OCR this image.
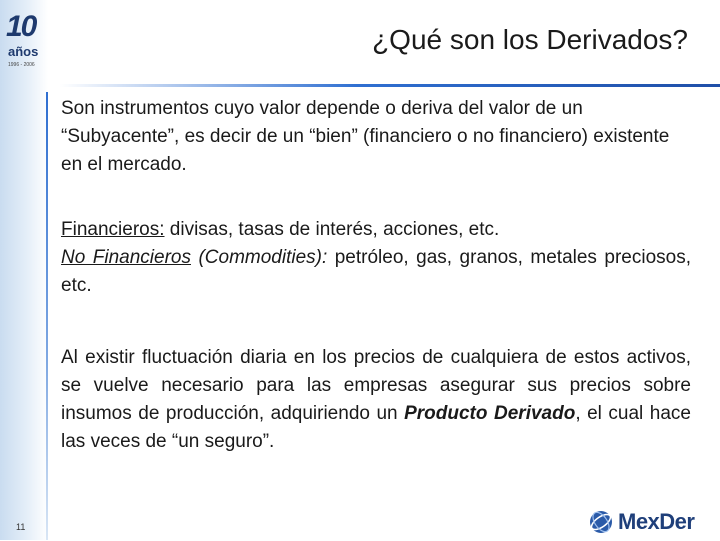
10
años
1996 - 2006
¿Qué son los Derivados?

Son instrumentos cuyo valor depende o deriva del valor de un “Subyacente”, es decir de un “bien” (financiero o no financiero) existente en el mercado.

Financieros: divisas, tasas de interés, acciones, etc.

No Financieros (Commodities): petróleo, gas, granos, metales preciosos, etc.

Al existir fluctuación diaria en los precios de cualquiera de estos activos, se vuelve necesario para las empresas asegurar sus precios sobre insumos de producción, adquiriendo un Producto Derivado, el cual hace las veces de “un seguro”.

11	MexDer
